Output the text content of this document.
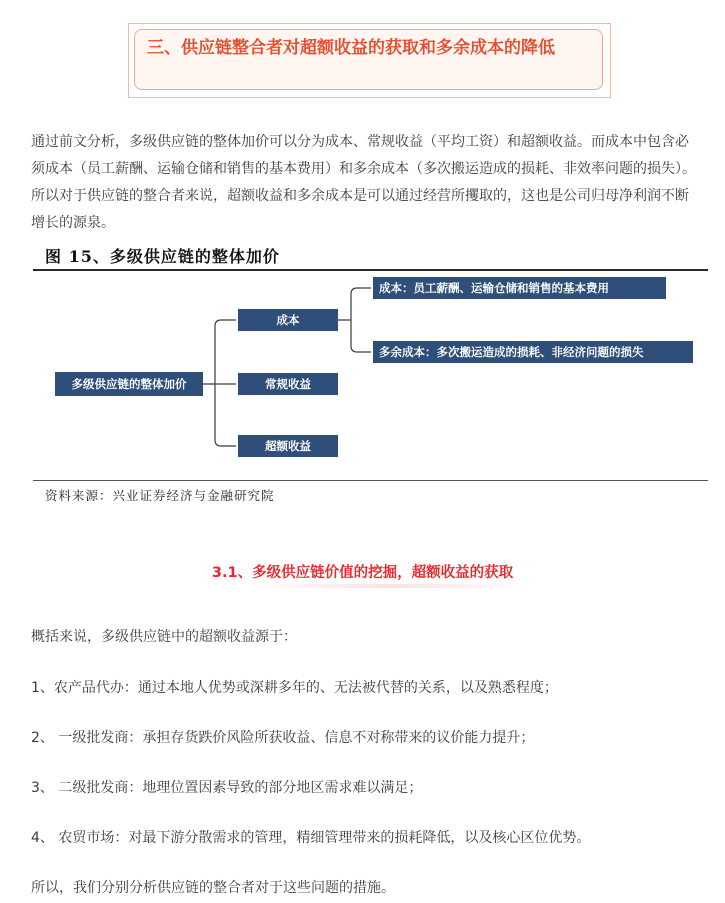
三、供应链整合者对超额收益的获取和多余成本的降低

通过前文分析，多级供应链的整体加价可以分为成本、常规收益（平均工资）和超额收益。而成本中包含必须成本（员工薪酬、运输仓储和销售的基本费用）和多余成本（多次搬运造成的损耗、非效率问题的损失）。所以对于供应链的整合者来说，超额收益和多余成本是可以通过经营所攫取的，这也是公司归母净利润不断增长的源泉。

图 15、多级供应链的整体加价
多级供应链的整体加价
成本
常规收益
超额收益
成本：员工薪酬、运输仓储和销售的基本费用
多余成本：多次搬运造成的损耗、非经济问题的损失
资料来源：兴业证券经济与金融研究院
3.1、多级供应链价值的挖掘，超额收益的获取

概括来说，多级供应链中的超额收益源于：

1、农产品代办：通过本地人优势或深耕多年的、无法被代替的关系，以及熟悉程度；

2、 一级批发商：承担存货跌价风险所获收益、信息不对称带来的议价能力提升；

3、 二级批发商：地理位置因素导致的部分地区需求难以满足；

4、 农贸市场：对最下游分散需求的管理，精细管理带来的损耗降低，以及核心区位优势。

所以，我们分别分析供应链的整合者对于这些问题的措施。
